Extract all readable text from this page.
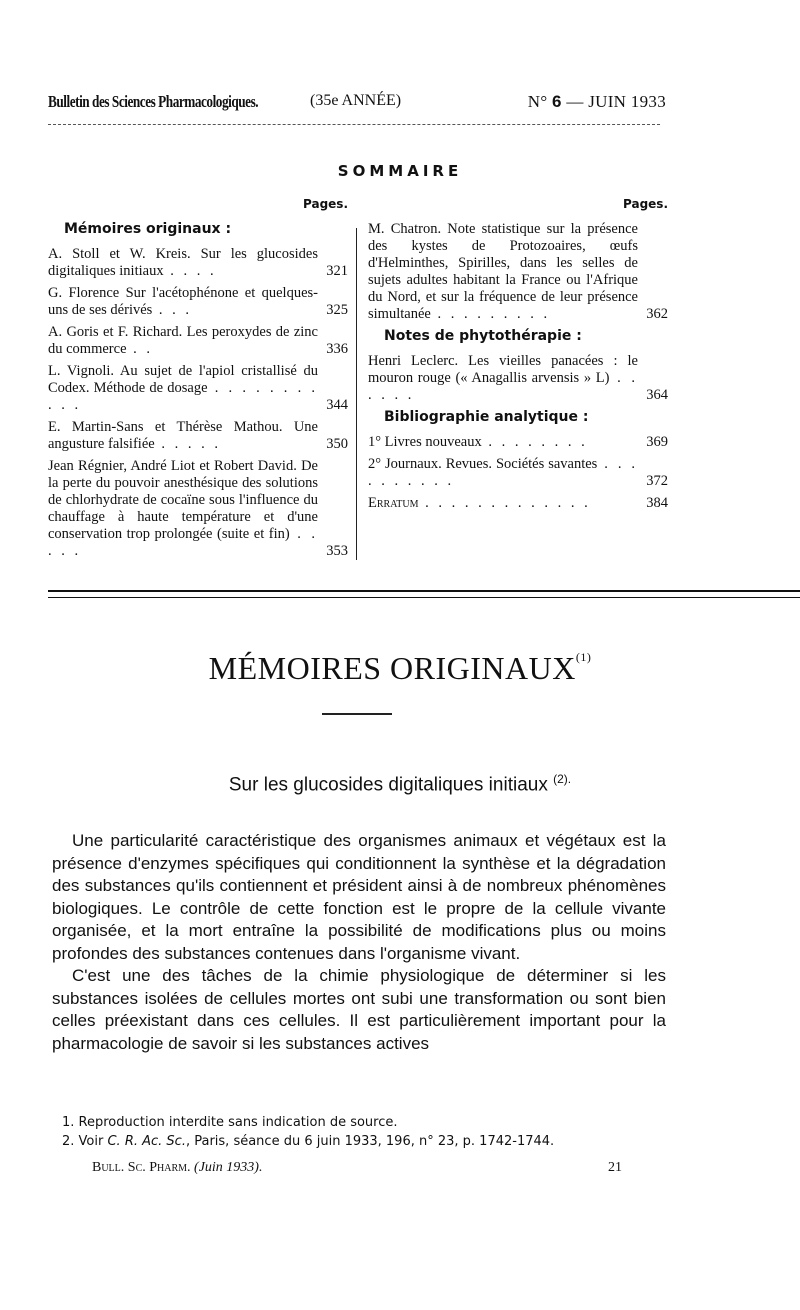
Bulletin des Sciences Pharmacologiques.	(35e ANNÉE)	N° 6 — JUIN 1933
SOMMAIRE
Pages.
Mémoires originaux :
A. Stoll et W. Kreis. Sur les glucosides digitaliques initiaux . . . .	321
G. Florence Sur l'acétophénone et quelques-uns de ses dérivés . . .	325
A. Goris et F. Richard. Les peroxydes de zinc du commerce . .	336
L. Vignoli. Au sujet de l'apiol cristallisé du Codex. Méthode de dosage . . . . . . . . . . .	344
E. Martin-Sans et Thérèse Mathou. Une angusture falsifiée . . . . .	350
Jean Régnier, André Liot et Robert David. De la perte du pouvoir anesthésique des solutions de chlorhydrate de cocaïne sous l'influence du chauffage à haute température et d'une conservation trop prolongée (suite et fin) . . . . .	353
Pages.
M. Chatron. Note statistique sur la présence des kystes de Protozoaires, œufs d'Helminthes, Spirilles, dans les selles de sujets adultes habitant la France ou l'Afrique du Nord, et sur la fréquence de leur présence simultanée . . . . . . . . .	362
Notes de phytothérapie :
Henri Leclerc. Les vieilles panacées : le mouron rouge (« Anagallis arvensis » L) . . . . . .	364
Bibliographie analytique :
1° Livres nouveaux . . . . . . . .	369
2° Journaux. Revues. Sociétés savantes . . . . . . . . . .	372
Erratum . . . . . . . . . . . . .	384
MÉMOIRES ORIGINAUX$^{(1)}$
Sur les glucosides digitaliques initiaux $^{(2).}$

Une particularité caractéristique des organismes animaux et végétaux est la présence d'enzymes spécifiques qui conditionnent la synthèse et la dégradation des substances qu'ils contiennent et président ainsi à de nombreux phénomènes biologiques. Le contrôle de cette fonction est le propre de la cellule vivante organisée, et la mort entraîne la possibilité de modifications plus ou moins profondes des substances contenues dans l'organisme vivant.

C'est une des tâches de la chimie physiologique de déterminer si les substances isolées de cellules mortes ont subi une transformation ou sont bien celles préexistant dans ces cellules. Il est particulièrement important pour la pharmacologie de savoir si les substances actives

1. Reproduction interdite sans indication de source.
2. Voir C. R. Ac. Sc., Paris, séance du 6 juin 1933, 196, n° 23, p. 1742-1744.
Bull. Sc. Pharm. (Juin 1933).	21
